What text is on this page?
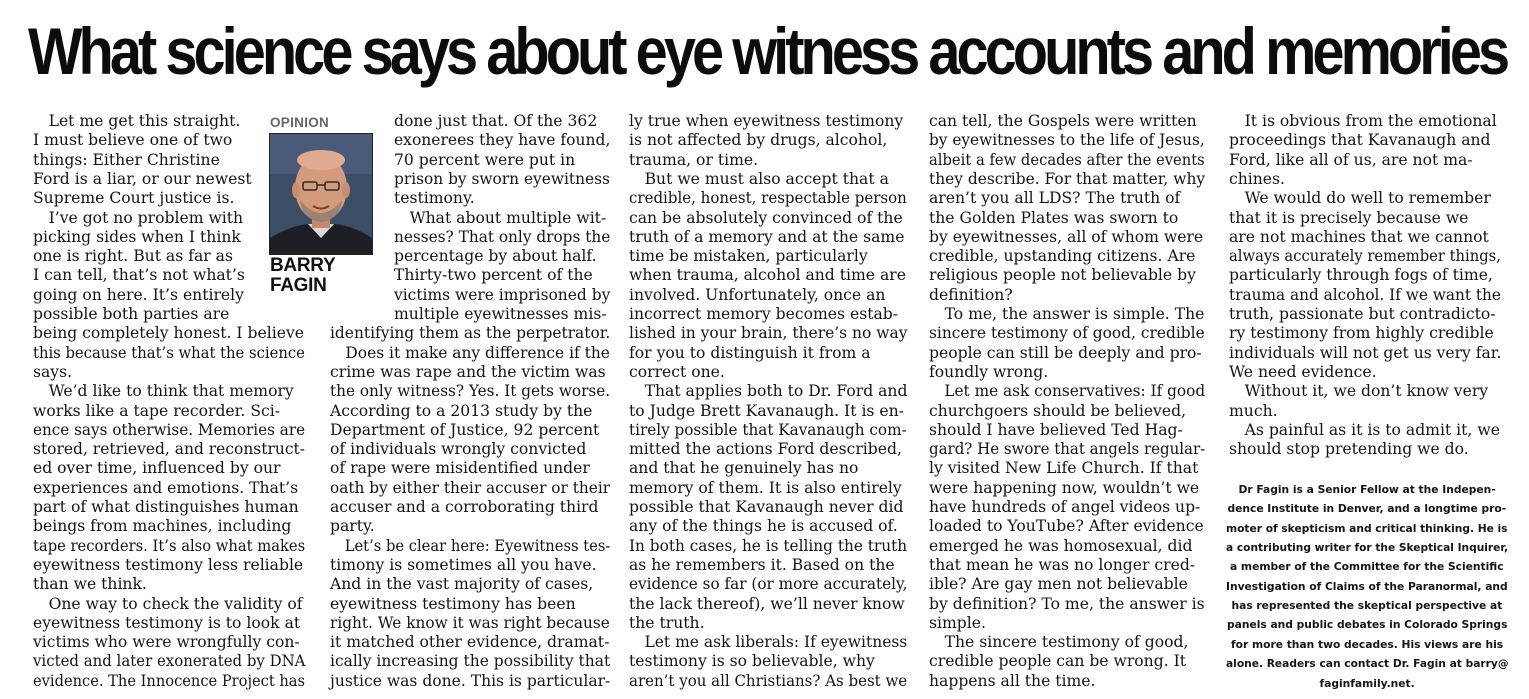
What science says about eye witness accounts and memories
 Let me get this straight.
I must believe one of two
things: Either Christine
Ford is a liar, or our newest
Supreme Court justice is.
 I’ve got no problem with
picking sides when I think
one is right. But as far as
I can tell, that’s not what’s
going on here. It’s entirely
possible both parties are
being completely honest. I believe
this because that’s what the science
says.
 We’d like to think that memory
works like a tape recorder. Sci-
ence says otherwise. Memories are
stored, retrieved, and reconstruct-
ed over time, influenced by our
experiences and emotions. That’s
part of what distinguishes human
beings from machines, including
tape recorders. It’s also what makes
eyewitness testimony less reliable
than we think.
 One way to check the validity of
eyewitness testimony is to look at
victims who were wrongfully con-
victed and later exonerated by DNA
evidence. The Innocence Project has
done just that. Of the 362
exonerees they have found,
70 percent were put in
prison by sworn eyewitness
testimony.
 What about multiple wit-
nesses? That only drops the
percentage by about half.
Thirty-two percent of the
victims were imprisoned by
multiple eyewitnesses mis-
identifying them as the perpetrator.
 Does it make any difference if the
crime was rape and the victim was
the only witness? Yes. It gets worse.
According to a 2013 study by the
Department of Justice, 92 percent
of individuals wrongly convicted
of rape were misidentified under
oath by either their accuser or their
accuser and a corroborating third
party.
 Let’s be clear here: Eyewitness tes-
timony is sometimes all you have.
And in the vast majority of cases,
eyewitness testimony has been
right. We know it was right because
it matched other evidence, dramat-
ically increasing the possibility that
justice was done. This is particular-
ly true when eyewitness testimony
is not affected by drugs, alcohol,
trauma, or time.
 But we must also accept that a
credible, honest, respectable person
can be absolutely convinced of the
truth of a memory and at the same
time be mistaken, particularly
when trauma, alcohol and time are
involved. Unfortunately, once an
incorrect memory becomes estab-
lished in your brain, there’s no way
for you to distinguish it from a
correct one.
 That applies both to Dr. Ford and
to Judge Brett Kavanaugh. It is en-
tirely possible that Kavanaugh com-
mitted the actions Ford described,
and that he genuinely has no
memory of them. It is also entirely
possible that Kavanaugh never did
any of the things he is accused of.
In both cases, he is telling the truth
as he remembers it. Based on the
evidence so far (or more accurately,
the lack thereof), we’ll never know
the truth.
 Let me ask liberals: If eyewitness
testimony is so believable, why
aren’t you all Christians? As best we
can tell, the Gospels were written
by eyewitnesses to the life of Jesus,
albeit a few decades after the events
they describe. For that matter, why
aren’t you all LDS? The truth of
the Golden Plates was sworn to
by eyewitnesses, all of whom were
credible, upstanding citizens. Are
religious people not believable by
definition?
 To me, the answer is simple. The
sincere testimony of good, credible
people can still be deeply and pro-
foundly wrong.
 Let me ask conservatives: If good
churchgoers should be believed,
should I have believed Ted Hag-
gard? He swore that angels regular-
ly visited New Life Church. If that
were happening now, wouldn’t we
have hundreds of angel videos up-
loaded to YouTube? After evidence
emerged he was homosexual, did
that mean he was no longer cred-
ible? Are gay men not believable
by definition? To me, the answer is
simple.
 The sincere testimony of good,
credible people can be wrong. It
happens all the time.
 It is obvious from the emotional
proceedings that Kavanaugh and
Ford, like all of us, are not ma-
chines.
 We would do well to remember
that it is precisely because we
are not machines that we cannot
always accurately remember things,
particularly through fogs of time,
trauma and alcohol. If we want the
truth, passionate but contradicto-
ry testimony from highly credible
individuals will not get us very far.
We need evidence.
 Without it, we don’t know very
much.
 As painful as it is to admit it, we
should stop pretending we do.
OPINION
BARRY
FAGIN
Dr Fagin is a Senior Fellow at the Indepen-
dence Institute in Denver, and a longtime pro-
moter of skepticism and critical thinking. He is
a contributing writer for the Skeptical Inquirer,
a member of the Committee for the Scientific
Investigation of Claims of the Paranormal, and
has represented the skeptical perspective at
panels and public debates in Colorado Springs
for more than two decades. His views are his
alone. Readers can contact Dr. Fagin at barry@
faginfamily.net.
